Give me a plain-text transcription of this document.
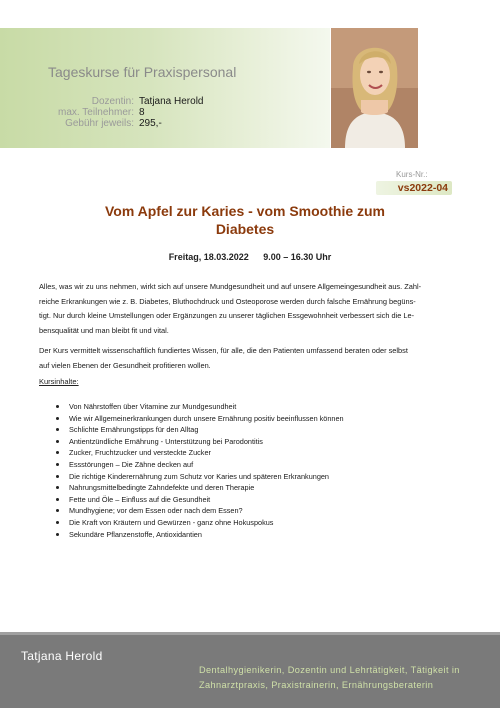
Tageskurse für Praxispersonal
Dozentin: Tatjana Herold
max. Teilnehmer: 8
Gebühr jeweils: 295,-
Kurs-Nr.:
vs2022-04
Vom Apfel zur Karies - vom Smoothie zum
Diabetes
Freitag, 18.03.2022 9.00 – 16.30 Uhr
Alles, was wir zu uns nehmen, wirkt sich auf unsere Mundgesundheit und auf unsere Allgemeingesundheit aus. Zahl-
reiche Erkrankungen wie z. B. Diabetes, Bluthochdruck und Osteoporose werden durch falsche Ernährung begüns-
tigt. Nur durch kleine Umstellungen oder Ergänzungen zu unserer täglichen Essgewohnheit verbessert sich die Le-
bensqualität und man bleibt fit und vital.
Der Kurs vermittelt wissenschaftlich fundiertes Wissen, für alle, die den Patienten umfassend beraten oder selbst
auf vielen Ebenen der Gesundheit profitieren wollen.
Kursinhalte:
Von Nährstoffen über Vitamine zur Mundgesundheit
Wie wir Allgemeinerkrankungen durch unsere Ernährung positiv beeinflussen können
Schlichte Ernährungstipps für den Alltag
Antientzündliche Ernährung - Unterstützung bei Parodontitis
Zucker, Fruchtzucker und versteckte Zucker
Essstörungen – Die Zähne decken auf
Die richtige Kinderernährung zum Schutz vor Karies und späteren Erkrankungen
Nahrungsmittelbedingte Zahndefekte und deren Therapie
Fette und Öle – Einfluss auf die Gesundheit
Mundhygiene; vor dem Essen oder nach dem Essen?
Die Kraft von Kräutern und Gewürzen - ganz ohne Hokuspokus
Sekundäre Pflanzenstoffe, Antioxidantien
Tatjana Herold
Dentalhygienikerin, Dozentin und Lehrtätigkeit, Tätigkeit in
Zahnarztpraxis, Praxistrainerin, Ernährungsberaterin
